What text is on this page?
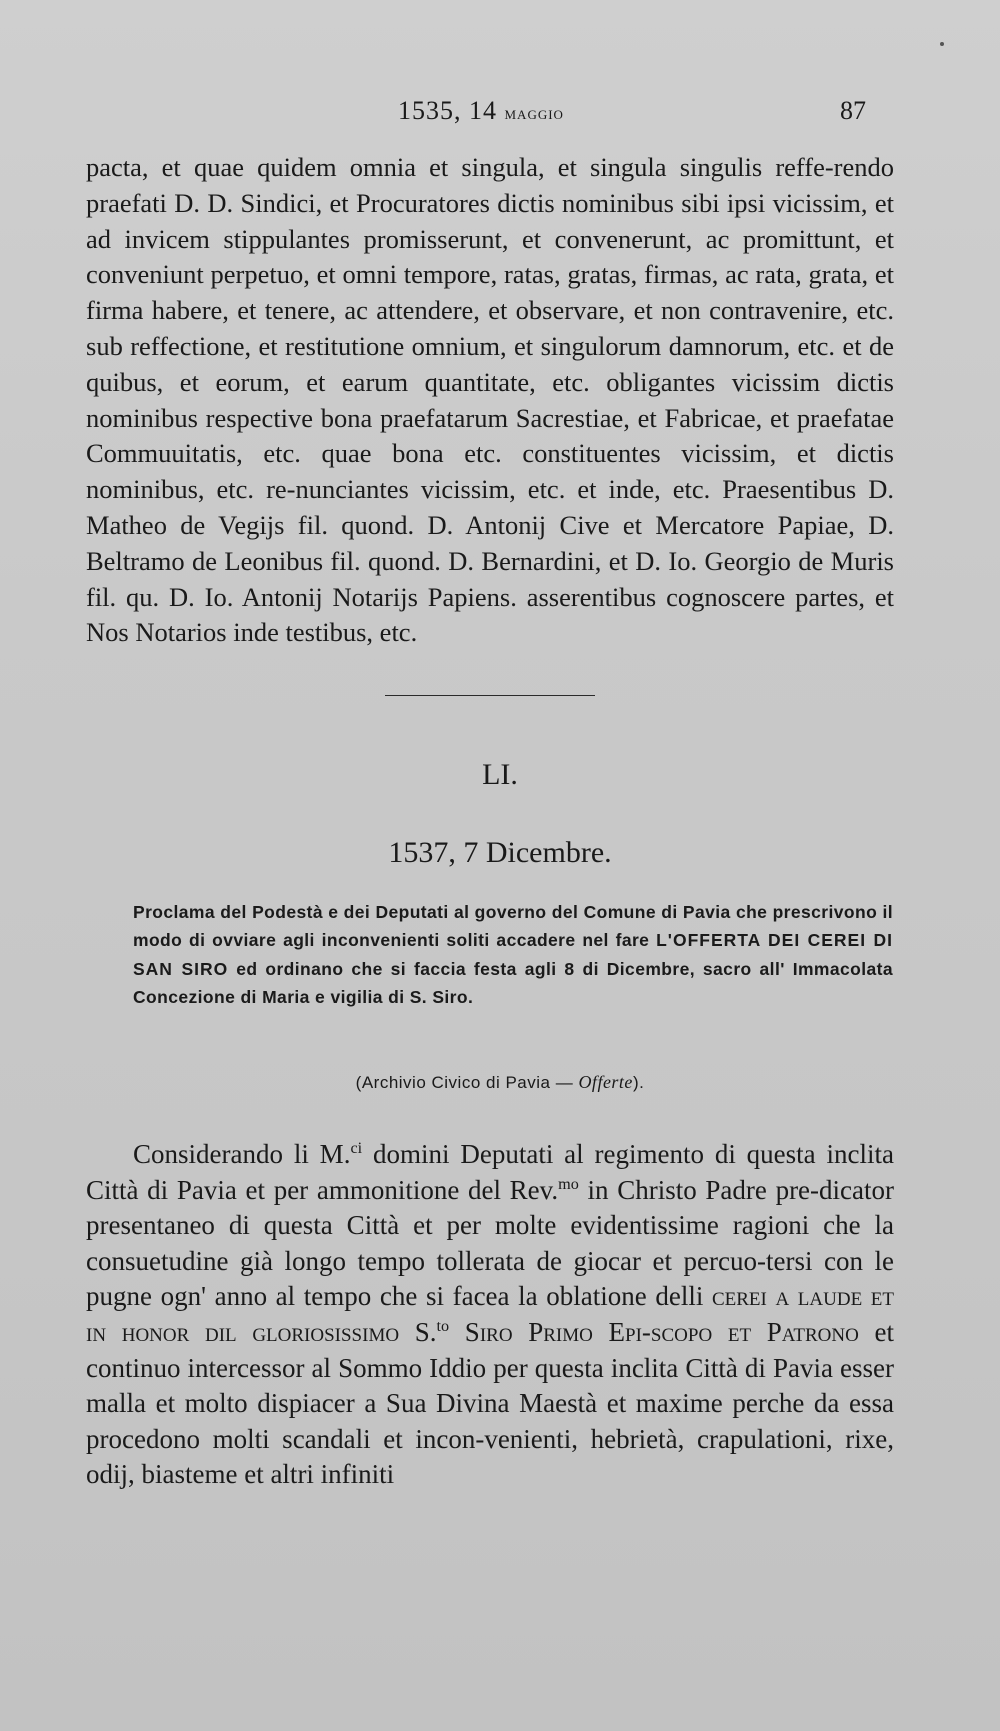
1535, 14 maggio	87

pacta, et quae quidem omnia et singula, et singula singulis reffe-rendo praefati D. D. Sindici, et Procuratores dictis nominibus sibi ipsi vicissim, et ad invicem stippulantes promisserunt, et convenerunt, ac promittunt, et conveniunt perpetuo, et omni tempore, ratas, gratas, firmas, ac rata, grata, et firma habere, et tenere, ac attendere, et observare, et non contravenire, etc. sub reffectione, et restitutione omnium, et singulorum damnorum, etc. et de quibus, et eorum, et earum quantitate, etc. obligantes vicissim dictis nominibus respective bona praefatarum Sacrestiae, et Fabricae, et praefatae Commuuitatis, etc. quae bona etc. constituentes vicissim, et dictis nominibus, etc. re-nunciantes vicissim, etc. et inde, etc. Praesentibus D. Matheo de Vegijs fil. quond. D. Antonij Cive et Mercatore Papiae, D. Beltramo de Leonibus fil. quond. D. Bernardini, et D. Io. Georgio de Muris fil. qu. D. Io. Antonij Notarijs Papiens. asserentibus cognoscere partes, et Nos Notarios inde testibus, etc.

LI.
1537, 7 Dicembre.
Proclama del Podestà e dei Deputati al governo del Comune di Pavia che prescrivono il modo di ovviare agli inconvenienti soliti accadere nel fare L'OFFERTA DEI CEREI DI SAN SIRO ed ordinano che si faccia festa agli 8 di Dicembre, sacro all' Immacolata Concezione di Maria e vigilia di S. Siro.
(Archivio Civico di Pavia — Offerte).

Considerando li M.$^{ci}$ domini Deputati al regimento di questa inclita Città di Pavia et per ammonitione del Rev.$^{mo}$ in Christo Padre pre-dicator presentaneo di questa Città et per molte evidentissime ragioni che la consuetudine già longo tempo tollerata de giocar et percuo-tersi con le pugne ogn' anno al tempo che si facea la oblatione delli cerei a laude et in honor dil gloriosissimo S.$^{to}$ Siro Primo Epi-scopo et Patrono et continuo intercessor al Sommo Iddio per questa inclita Città di Pavia esser malla et molto dispiacer a Sua Divina Maestà et maxime perche da essa procedono molti scandali et incon-venienti, hebrietà, crapulationi, rixe, odij, biasteme et altri infiniti
